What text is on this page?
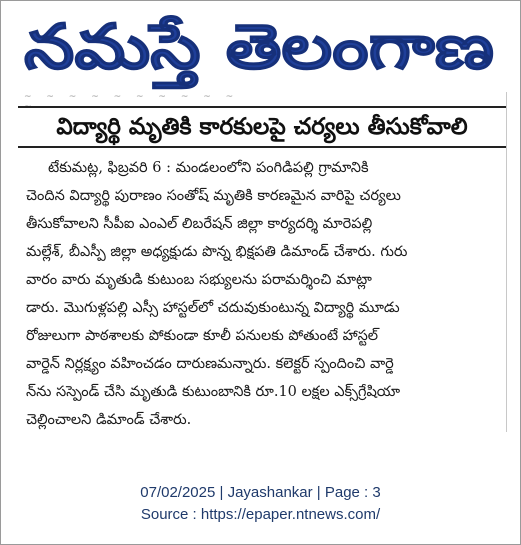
నమస్తే తెలంగాణ
~ ~ ~ ~ ~ ~ ~ ~ ~ ~ ~
విద్యార్థి మృతికి కారకులపై చర్యలు తీసుకోవాలి
టేకుమట్ల, ఫిబ్రవరి 6 : మండలంలోని పంగిడిపల్లి గ్రామానికి
చెందిన విద్యార్థి పురాణం సంతోష్ మృతికి కారణమైన వారిపై చర్యలు
తీసుకోవాలని సీపీఐ ఎంఎల్ లిబరేషన్ జిల్లా కార్యదర్శి మారెపల్లి
మల్లేశ్, బీఎస్పీ జిల్లా అధ్యక్షుడు పొన్న భిక్షపతి డిమాండ్ చేశారు. గురు
వారం వారు మృతుడి కుటుంబ సభ్యులను పరామర్శించి మాట్లా
డారు. మొగుళ్లపల్లి ఎస్సీ హాస్టల్‌లో చదువుకుంటున్న విద్యార్థి మూడు
రోజులుగా పాఠశాలకు పోకుండా కూలీ పనులకు పోతుంటే హాస్టల్
వార్డెన్ నిర్లక్ష్యం వహించడం దారుణమన్నారు. కలెక్టర్ స్పందించి వార్డె
న్‌ను సస్పెండ్ చేసి మృతుడి కుటుంబానికి రూ.10 లక్షల ఎక్స్‌గ్రేషియా
చెల్లించాలని డిమాండ్ చేశారు.
07/02/2025 | Jayashankar | Page : 3
Source : https://epaper.ntnews.com/
